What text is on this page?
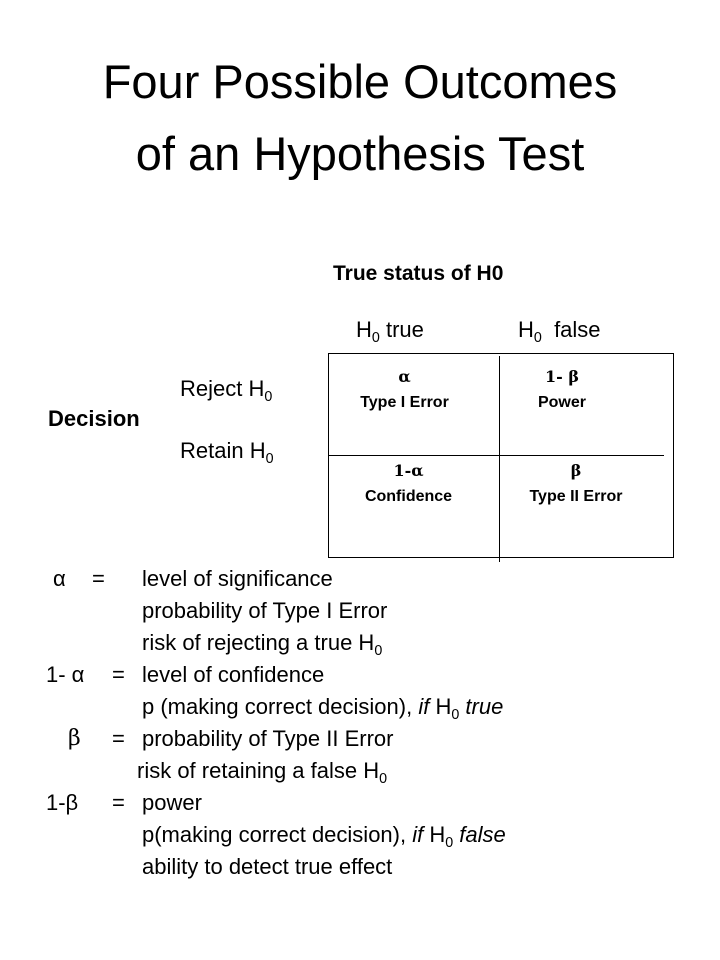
Four Possible Outcomes
of an Hypothesis Test
True status of H0
$H_0$ true	$H_0$  false
Reject $H_0$
Decision
Retain $H_0$
α
Type I Error
1- β
Power
1-α
Confidence
β
Type II Error
α = level of significance
probability of Type I Error
risk of rejecting a true $H_0$
1- α = level of confidence
p (making correct decision), if $H_0$ true
β = probability of Type II Error
risk of retaining a false $H_0$
1-β = power
p(making correct decision), if $H_0$ false
ability to detect true effect
